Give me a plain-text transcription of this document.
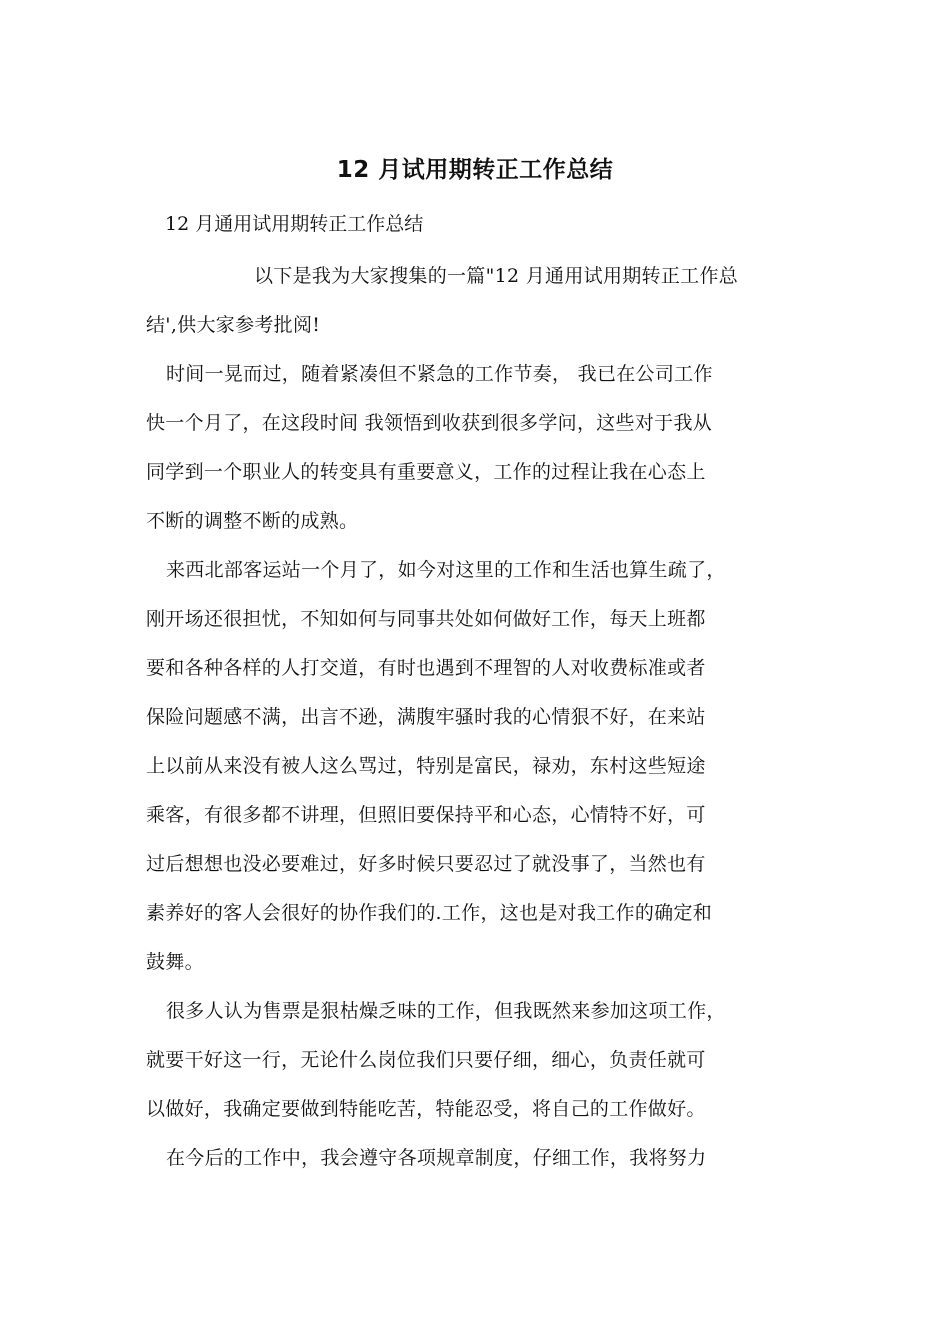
12 月试用期转正工作总结
12 月通用试用期转正工作总结
以下是我为大家搜集的一篇"12 月通用试用期转正工作总
结',供大家参考批阅!
时间一晃而过，随着紧凑但不紧急的工作节奏， 我已在公司工作
快一个月了，在这段时间 我领悟到收获到很多学问，这些对于我从
同学到一个职业人的转变具有重要意义，工作的过程让我在心态上
不断的调整不断的成熟。
来西北部客运站一个月了，如今对这里的工作和生活也算生疏了，
刚开场还很担忧，不知如何与同事共处如何做好工作，每天上班都
要和各种各样的人打交道，有时也遇到不理智的人对收费标准或者
保险问题感不满，出言不逊，满腹牢骚时我的心情狠不好，在来站
上以前从来没有被人这么骂过，特别是富民，禄劝，东村这些短途
乘客，有很多都不讲理，但照旧要保持平和心态，心情特不好，可
过后想想也没必要难过，好多时候只要忍过了就没事了，当然也有
素养好的客人会很好的协作我们的.工作，这也是对我工作的确定和
鼓舞。
很多人认为售票是狠枯燥乏味的工作，但我既然来参加这项工作，
就要干好这一行，无论什么岗位我们只要仔细，细心，负责任就可
以做好，我确定要做到特能吃苦，特能忍受，将自己的工作做好。
在今后的工作中，我会遵守各项规章制度，仔细工作，我将努力
